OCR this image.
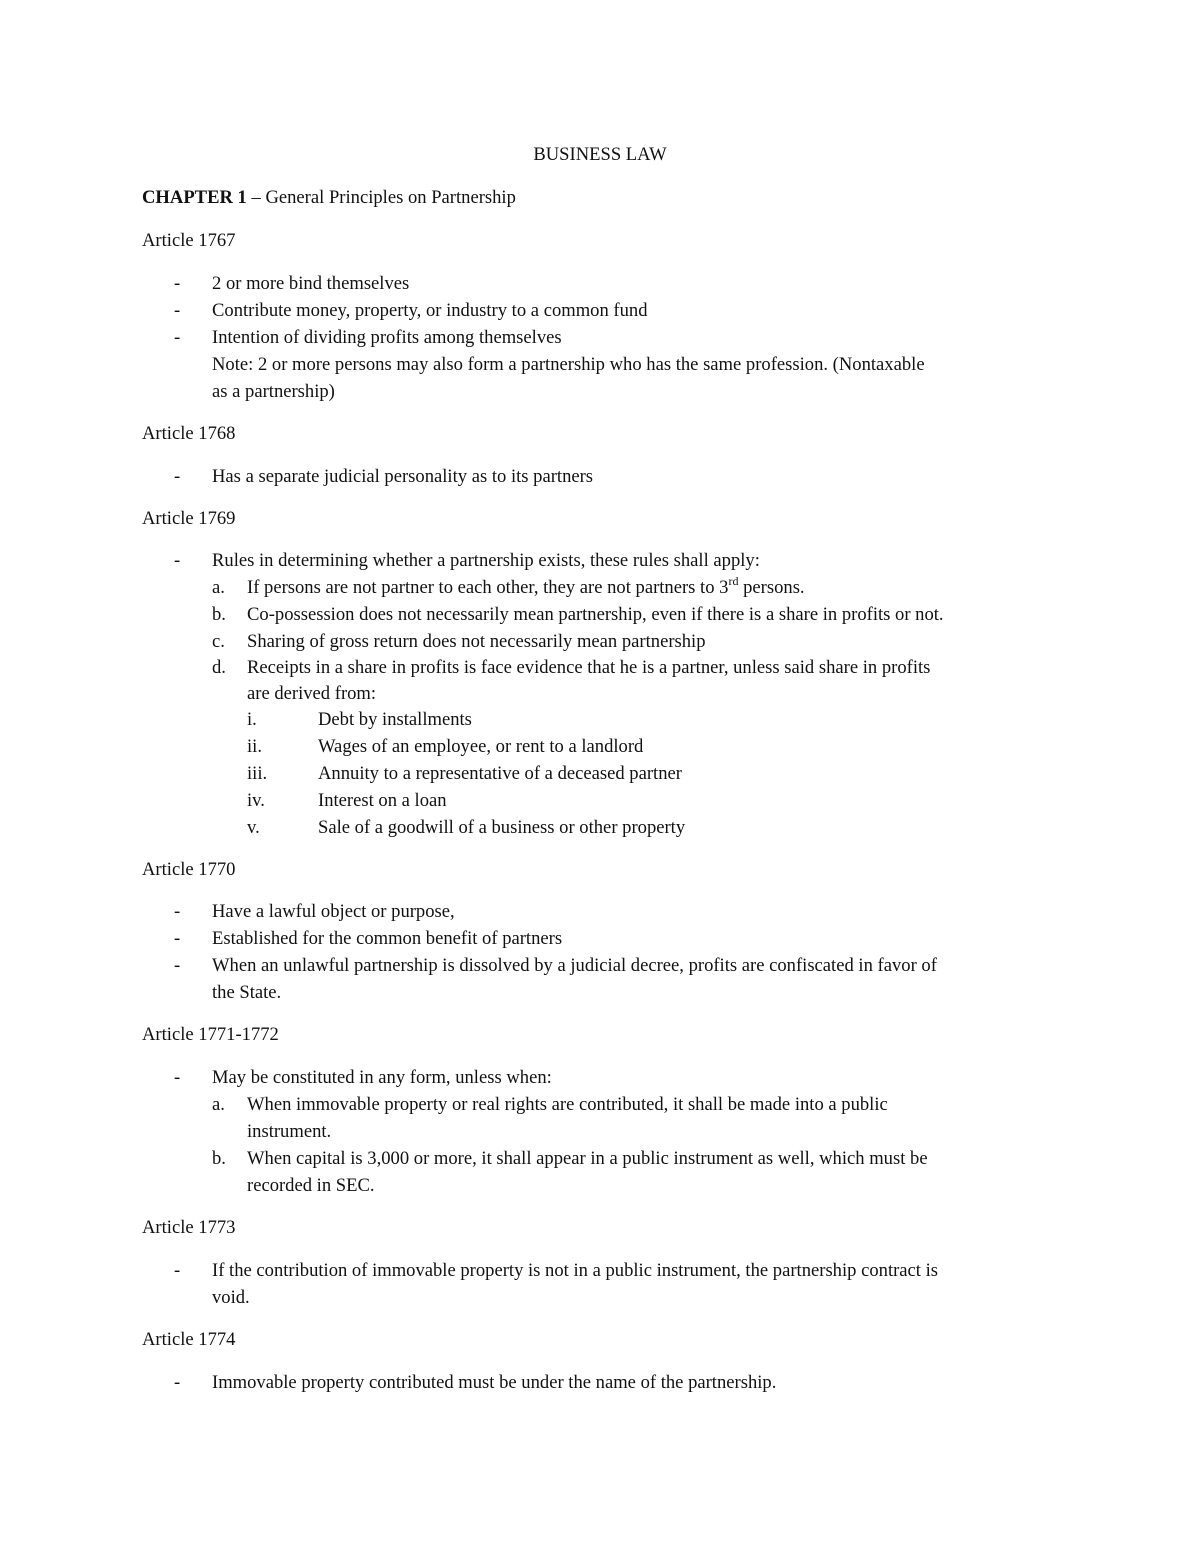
BUSINESS LAW
CHAPTER 1 – General Principles on Partnership
Article 1767
- 2 or more bind themselves
- Contribute money, property, or industry to a common fund
- Intention of dividing profits among themselves
Note: 2 or more persons may also form a partnership who has the same profession. (Nontaxable
as a partnership)
Article 1768
- Has a separate judicial personality as to its partners
Article 1769
- Rules in determining whether a partnership exists, these rules shall apply:
a. If persons are not partner to each other, they are not partners to 3rd persons.
b. Co-possession does not necessarily mean partnership, even if there is a share in profits or not.
c. Sharing of gross return does not necessarily mean partnership
d. Receipts in a share in profits is face evidence that he is a partner, unless said share in profits
are derived from:
i.	Debt by installments
ii.	Wages of an employee, or rent to a landlord
iii.	Annuity to a representative of a deceased partner
iv.	Interest on a loan
v.	Sale of a goodwill of a business or other property
Article 1770
- Have a lawful object or purpose,
- Established for the common benefit of partners
- When an unlawful partnership is dissolved by a judicial decree, profits are confiscated in favor of
the State.
Article 1771-1772
- May be constituted in any form, unless when:
a. When immovable property or real rights are contributed, it shall be made into a public
instrument.
b. When capital is 3,000 or more, it shall appear in a public instrument as well, which must be
recorded in SEC.
Article 1773
- If the contribution of immovable property is not in a public instrument, the partnership contract is
void.
Article 1774
- Immovable property contributed must be under the name of the partnership.
